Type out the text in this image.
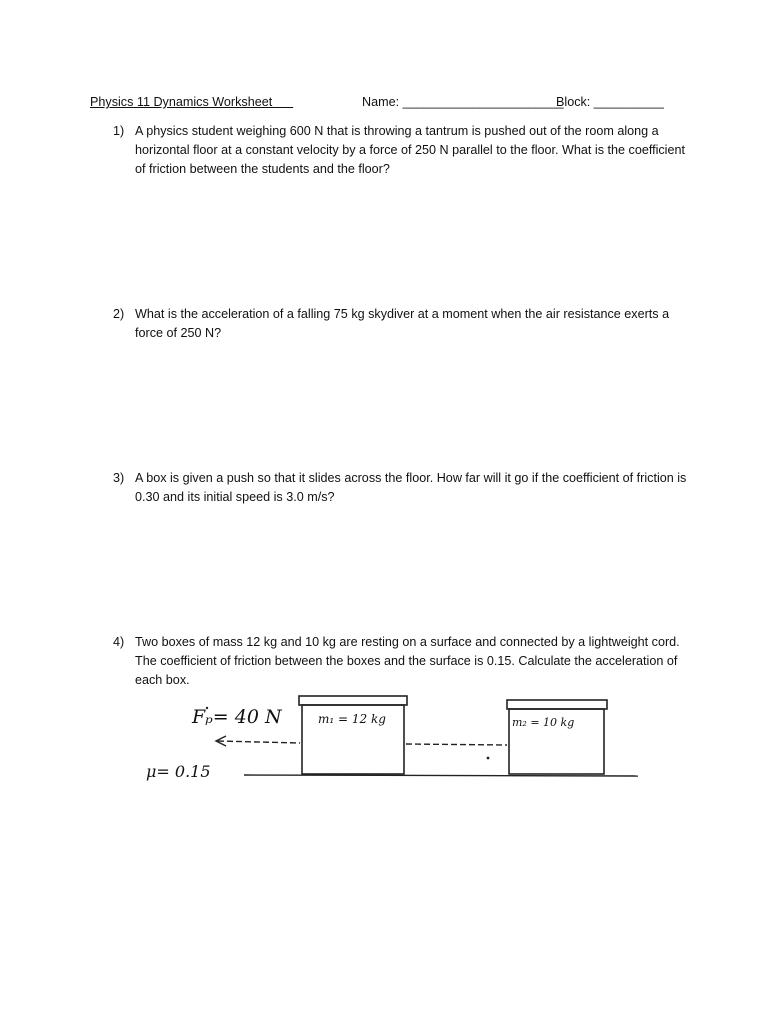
Physics 11 Dynamics Worksheet	Name: _______________________
Block: __________
1) A physics student weighing 600 N that is throwing a tantrum is pushed out of the room along a horizontal floor at a constant velocity by a force of 250 N parallel to the floor. What is the coefficient of friction between the students and the floor?
2) What is the acceleration of a falling 75 kg skydiver at a moment when the air resistance exerts a force of 250 N?
3) A box is given a push so that it slides across the floor. How far will it go if the coefficient of friction is 0.30 and its initial speed is 3.0 m/s?
4) Two boxes of mass 12 kg and 10 kg are resting on a surface and connected by a lightweight cord. The coefficient of friction between the boxes and the surface is 0.15. Calculate the acceleration of each box.
Fₚ= 40 N
μ= 0.15
m₁ = 12 kg	m₂ = 10 kg
